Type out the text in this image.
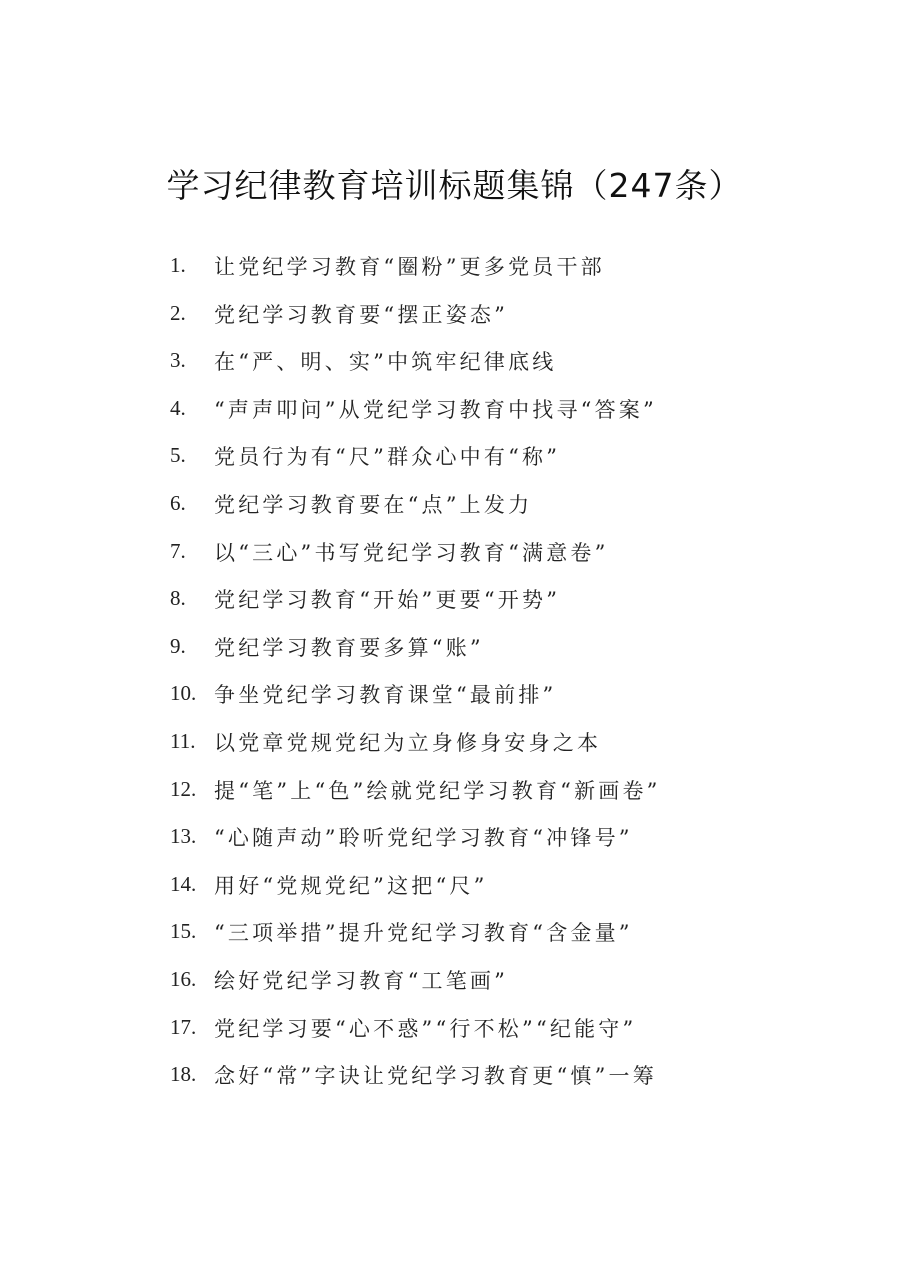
学习纪律教育培训标题集锦（247条）
1. 让党纪学习教育“圈粉”更多党员干部
2. 党纪学习教育要“摆正姿态”
3. 在“严、明、实”中筑牢纪律底线
4. “声声叩问”从党纪学习教育中找寻“答案”
5. 党员行为有“尺”群众心中有“称”
6. 党纪学习教育要在“点”上发力
7. 以“三心”书写党纪学习教育“满意卷”
8. 党纪学习教育“开始”更要“开势”
9. 党纪学习教育要多算“账”
10. 争坐党纪学习教育课堂“最前排”
11. 以党章党规党纪为立身修身安身之本
12. 提“笔”上“色”绘就党纪学习教育“新画卷”
13. “心随声动”聆听党纪学习教育“冲锋号”
14. 用好“党规党纪”这把“尺”
15. “三项举措”提升党纪学习教育“含金量”
16. 绘好党纪学习教育“工笔画”
17. 党纪学习要“心不惑”“行不松”“纪能守”
18. 念好“常”字诀让党纪学习教育更“慎”一筹
